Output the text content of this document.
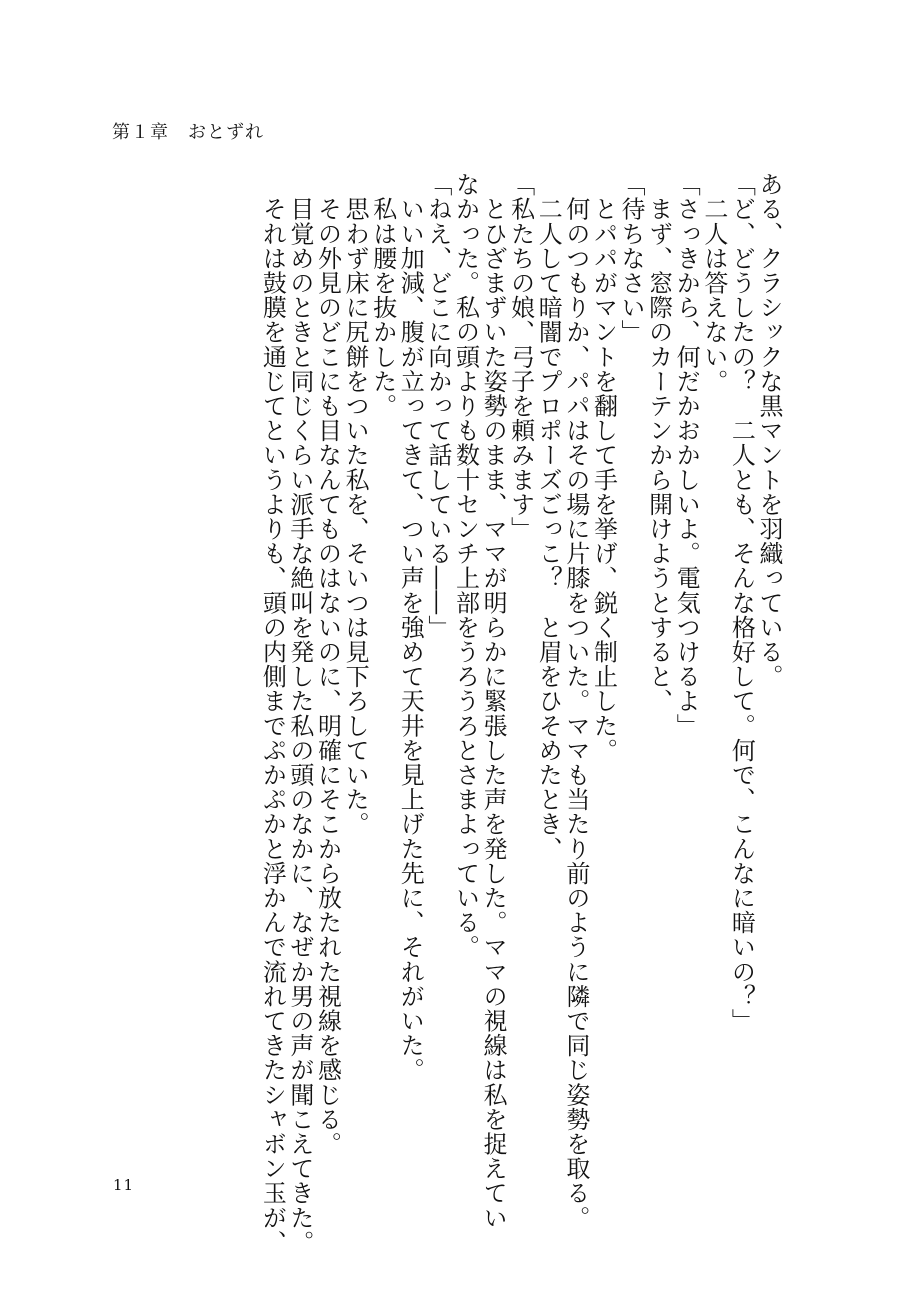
第１章　おとずれ
ある、クラシックな黒マントを羽織っている。
「ど、どうしたの？　二人とも、そんな格好して。何で、こんなに暗いの？」
　二人は答えない。
「さっきから、何だかおかしいよ。電気つけるよ」
　まず、窓際のカーテンから開けようとすると、
「待ちなさい」
　とパパがマントを翻して手を挙げ、鋭く制止した。
　何のつもりか、パパはその場に片膝をついた。ママも当たり前のように隣で同じ姿勢を取る。
　二人して暗闇でプロポーズごっこ？　と眉をひそめたとき、
「私たちの娘、弓子を頼みます」
　とひざまずいた姿勢のまま、ママが明らかに緊張した声を発した。ママの視線は私を捉えてい
なかった。私の頭よりも数十センチ上部をうろうろとさまよっている。
「ねえ、どこに向かって話している――」
　いい加減、腹が立ってきて、つい声を強めて天井を見上げた先に、それがいた。
　私は腰を抜かした。
　思わず床に尻餅をついた私を、そいつは見下ろしていた。
　その外見のどこにも目なんてものはないのに、明確にそこから放たれた視線を感じる。
　目覚めのときと同じくらい派手な絶叫を発した私の頭のなかに、なぜか男の声が聞こえてきた。
　それは鼓膜を通じてというよりも、頭の内側までぷかぷかと浮かんで流れてきたシャボン玉が、
11
